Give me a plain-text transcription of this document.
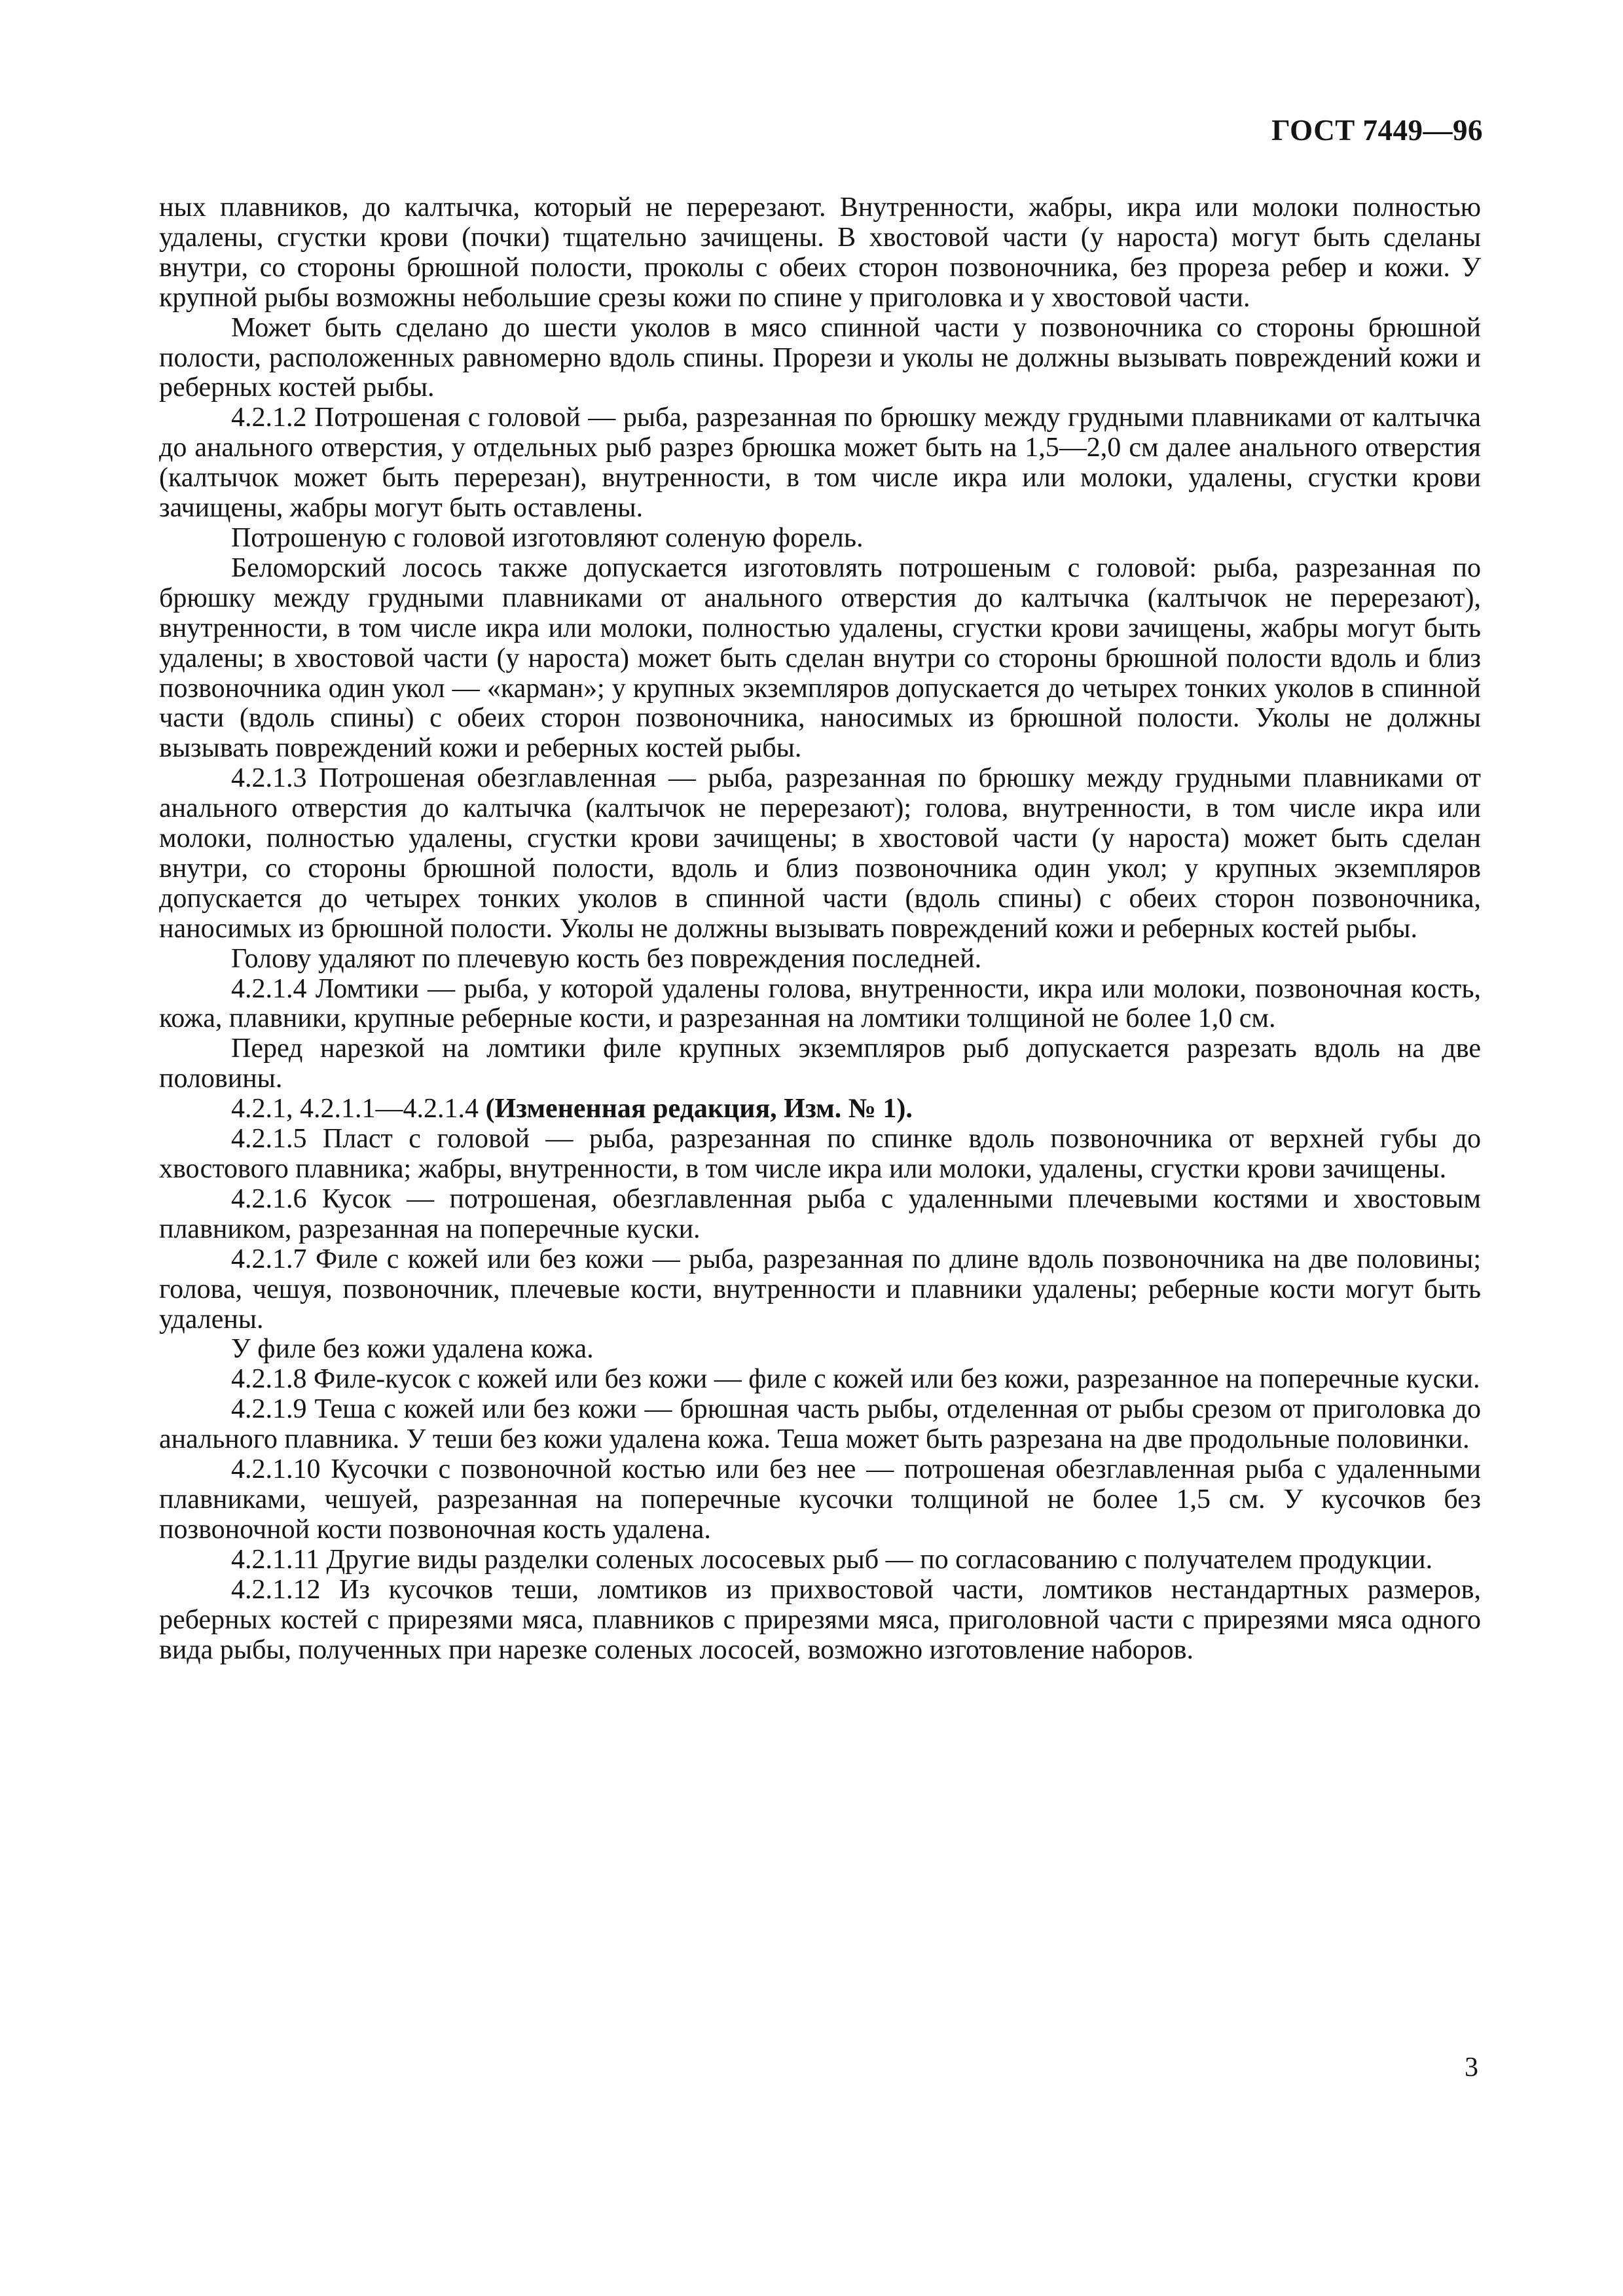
ГОСТ 7449—96

ных плавников, до калтычка, который не перерезают. Внутренности, жабры, икра или молоки полностью удалены, сгустки крови (почки) тщательно зачищены. В хвостовой части (у нароста) могут быть сделаны внутри, со стороны брюшной полости, проколы с обеих сторон позвоночника, без прореза ребер и кожи. У крупной рыбы возможны небольшие срезы кожи по спине у приголовка и у хвостовой части.

Может быть сделано до шести уколов в мясо спинной части у позвоночника со стороны брюшной полости, расположенных равномерно вдоль спины. Прорези и уколы не должны вызывать повреждений кожи и реберных костей рыбы.

4.2.1.2 Потрошеная с головой — рыба, разрезанная по брюшку между грудными плавниками от калтычка до анального отверстия, у отдельных рыб разрез брюшка может быть на 1,5—2,0 см далее анального отверстия (калтычок может быть перерезан), внутренности, в том числе икра или молоки, удалены, сгустки крови зачищены, жабры могут быть оставлены.

Потрошеную с головой изготовляют соленую форель.

Беломорский лосось также допускается изготовлять потрошеным с головой: рыба, разрезанная по брюшку между грудными плавниками от анального отверстия до калтычка (калтычок не перерезают), внутренности, в том числе икра или молоки, полностью удалены, сгустки крови зачищены, жабры могут быть удалены; в хвостовой части (у нароста) может быть сделан внутри со стороны брюшной полости вдоль и близ позвоночника один укол — «карман»; у крупных экземпляров допускается до четырех тонких уколов в спинной части (вдоль спины) с обеих сторон позвоночника, наносимых из брюшной полости. Уколы не должны вызывать повреждений кожи и реберных костей рыбы.

4.2.1.3 Потрошеная обезглавленная — рыба, разрезанная по брюшку между грудными плавниками от анального отверстия до калтычка (калтычок не перерезают); голова, внутренности, в том числе икра или молоки, полностью удалены, сгустки крови зачищены; в хвостовой части (у нароста) может быть сделан внутри, со стороны брюшной полости, вдоль и близ позвоночника один укол; у крупных экземпляров допускается до четырех тонких уколов в спинной части (вдоль спины) с обеих сторон позвоночника, наносимых из брюшной полости. Уколы не должны вызывать повреждений кожи и реберных костей рыбы.

Голову удаляют по плечевую кость без повреждения последней.

4.2.1.4 Ломтики — рыба, у которой удалены голова, внутренности, икра или молоки, позвоночная кость, кожа, плавники, крупные реберные кости, и разрезанная на ломтики толщиной не более 1,0 см.

Перед нарезкой на ломтики филе крупных экземпляров рыб допускается разрезать вдоль на две половины.

4.2.1, 4.2.1.1—4.2.1.4 (Измененная редакция, Изм. № 1).

4.2.1.5 Пласт с головой — рыба, разрезанная по спинке вдоль позвоночника от верхней губы до хвостового плавника; жабры, внутренности, в том числе икра или молоки, удалены, сгустки крови зачищены.

4.2.1.6 Кусок — потрошеная, обезглавленная рыба с удаленными плечевыми костями и хвостовым плавником, разрезанная на поперечные куски.

4.2.1.7 Филе с кожей или без кожи — рыба, разрезанная по длине вдоль позвоночника на две половины; голова, чешуя, позвоночник, плечевые кости, внутренности и плавники удалены; реберные кости могут быть удалены.

У филе без кожи удалена кожа.

4.2.1.8 Филе-кусок с кожей или без кожи — филе с кожей или без кожи, разрезанное на поперечные куски.

4.2.1.9 Теша с кожей или без кожи — брюшная часть рыбы, отделенная от рыбы срезом от приголовка до анального плавника. У теши без кожи удалена кожа. Теша может быть разрезана на две продольные половинки.

4.2.1.10 Кусочки с позвоночной костью или без нее — потрошеная обезглавленная рыба с удаленными плавниками, чешуей, разрезанная на поперечные кусочки толщиной не более 1,5 см. У кусочков без позвоночной кости позвоночная кость удалена.

4.2.1.11 Другие виды разделки соленых лососевых рыб — по согласованию с получателем продукции.

4.2.1.12 Из кусочков теши, ломтиков из прихвостовой части, ломтиков нестандартных размеров, реберных костей с прирезями мяса, плавников с прирезями мяса, приголовной части с прирезями мяса одного вида рыбы, полученных при нарезке соленых лососей, возможно изготовление наборов.

3
